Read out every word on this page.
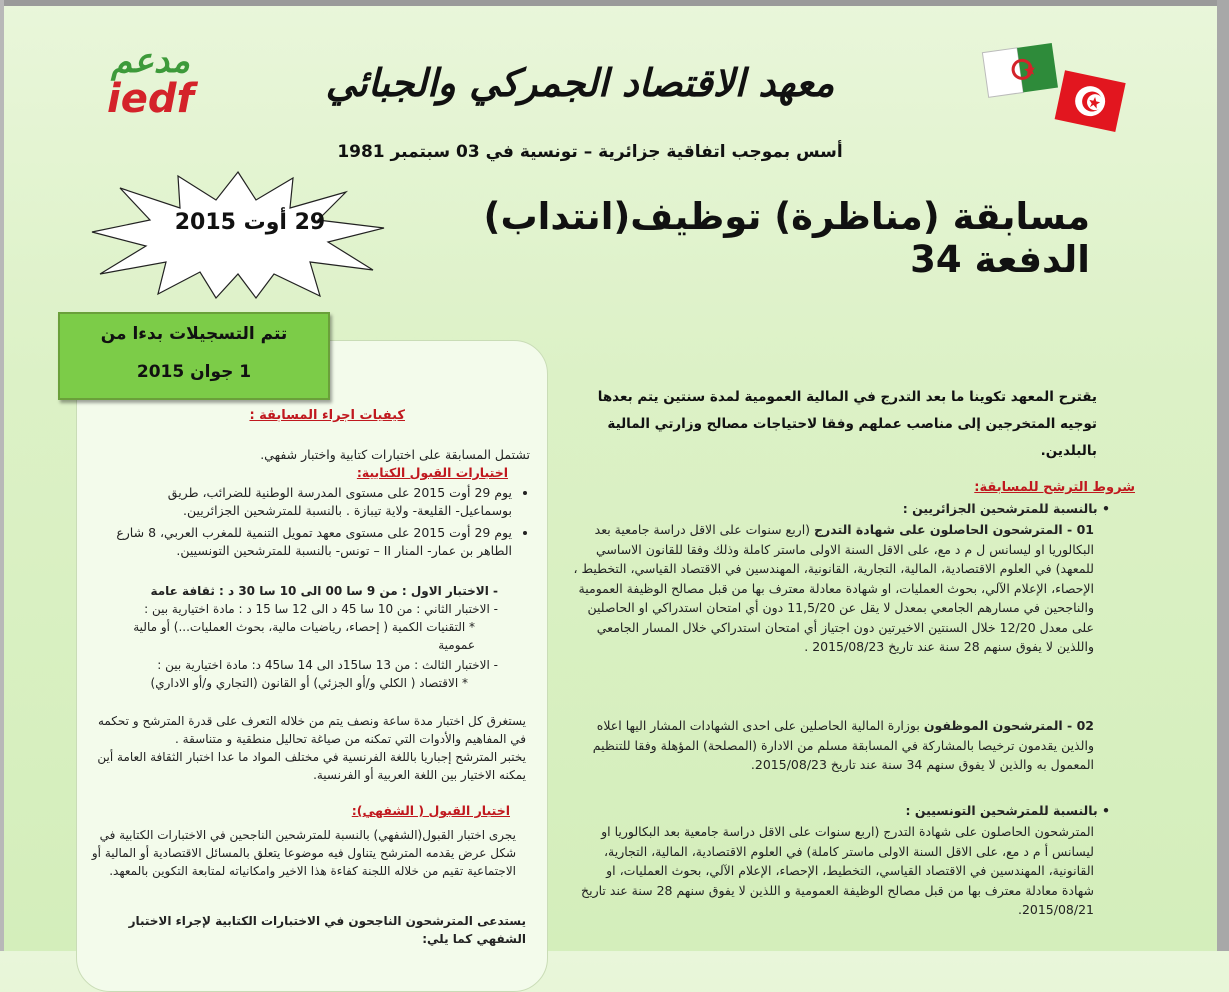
مدعم
iedf	معهد الاقتصاد الجمركي والجبائي
أسس بموجب اتفاقية جزائرية – تونسية في 03 سبتمبر 1981
29 أوت 2015	مسابقة (مناظرة) توظيف(انتداب) الدفعة 34
تتم التسجيلات بدءا من
1 جوان 2015
كيفيات اجراء المسابقة :
تشتمل المسابقة على اختبارات كتابية واختبار شفهي.
اختبارات القبول الكتابية:
• يوم 29 أوت 2015 على مستوى المدرسة الوطنية للضرائب، طريق بوسماعيل- القليعة- ولاية تيبازة . بالنسبة للمترشحين الجزائريين.
• يوم 29 أوت 2015 على مستوى معهد تمويل التنمية للمغرب العربي، 8 شارع الطاهر بن عمار- المنار II – تونس- بالنسبة للمترشحين التونسيين.
- الاختبار الاول : من 9 سا 00 الى 10 سا 30 د : ثقافة عامة
- الاختبار الثاني : من 10 سا 45 د الى 12 سا 15 د : مادة اختيارية بين :
* التقنيات الكمية ( إحصاء، رياضيات مالية، بحوث العمليات...) أو مالية عمومية
- الاختبار الثالث : من 13 سا15د الى 14 سا45 د: مادة اختيارية بين :
* الاقتصاد ( الكلي و/أو الجزئي) أو القانون (التجاري و/أو الاداري)
يستغرق كل اختبار مدة ساعة ونصف يتم من خلاله التعرف على قدرة المترشح و تحكمه في المفاهيم والأدوات التي تمكنه من صياغة تحاليل منطقية و متناسقة .
يختبر المترشح إجباريا باللغة الفرنسية في مختلف المواد ما عدا اختبار الثقافة العامة أين يمكنه الاختيار بين اللغة العربية أو الفرنسية.
اختبار القبول ( الشفهي):
يجرى اختبار القبول(الشفهي) بالنسبة للمترشحين الناجحين في الاختبارات الكتابية في شكل عرض يقدمه المترشح يتناول فيه موضوعا يتعلق بالمسائل الاقتصادية أو المالية أو الاجتماعية تقيم من خلاله اللجنة كفاءة هذا الاخير وامكانياته لمتابعة التكوين بالمعهد.
يستدعى المترشحون الناجحون في الاختبارات الكتابية لإجراء الاختبار الشفهي كما يلي:
يقترح المعهد تكوينا ما بعد التدرج في المالية العمومية لمدة سنتين يتم بعدها توجيه المتخرجين إلى مناصب عملهم وفقا لاحتياجات مصالح وزارتي المالية بالبلدين.
شروط الترشح للمسابقة:
• بالنسبة للمترشحين الجزائريين :
01 - المترشحون الحاصلون على شهادة التدرج (اربع سنوات على الاقل دراسة جامعية بعد البكالوريا او ليسانس ل م د مع، على الاقل السنة الاولى ماستر كاملة وذلك وفقا للقانون الاساسي للمعهد) في العلوم الاقتصادية، المالية، التجارية، القانونية، المهندسين في الاقتصاد القياسي، التخطيط ، الإحصاء، الإعلام الآلي، بحوث العمليات، او شهادة معادلة معترف بها من قبل مصالح الوظيفة العمومية والناجحين في مسارهم الجامعي بمعدل لا يقل عن 11,5/20 دون أي امتحان استدراكي او الحاصلين على معدل 12/20 خلال السنتين الاخيرتين دون اجتياز أي امتحان استدراكي خلال المسار الجامعي واللذين لا يفوق سنهم 28 سنة عند تاريخ 2015/08/23 .
02 - المترشحون الموظفون بوزارة المالية الحاصلين على احدى الشهادات المشار اليها اعلاه والذين يقدمون ترخيصا بالمشاركة في المسابقة مسلم من الادارة (المصلحة) المؤهلة وفقا للتنظيم المعمول به والذين لا يفوق سنهم 34 سنة عند تاريخ 2015/08/23.
• بالنسبة للمترشحين التونسيين :
المترشحون الحاصلون على شهادة التدرج (اربع سنوات على الاقل دراسة جامعية بعد البكالوريا او ليسانس أ م د مع، على الاقل السنة الاولى ماستر كاملة) في العلوم الاقتصادية، المالية، التجارية، القانونية، المهندسين في الاقتصاد القياسي، التخطيط، الإحصاء، الإعلام الآلي، بحوث العمليات، او شهادة معادلة معترف بها من قبل مصالح الوظيفة العمومية و اللذين لا يفوق سنهم 28 سنة عند تاريخ 2015/08/21.
